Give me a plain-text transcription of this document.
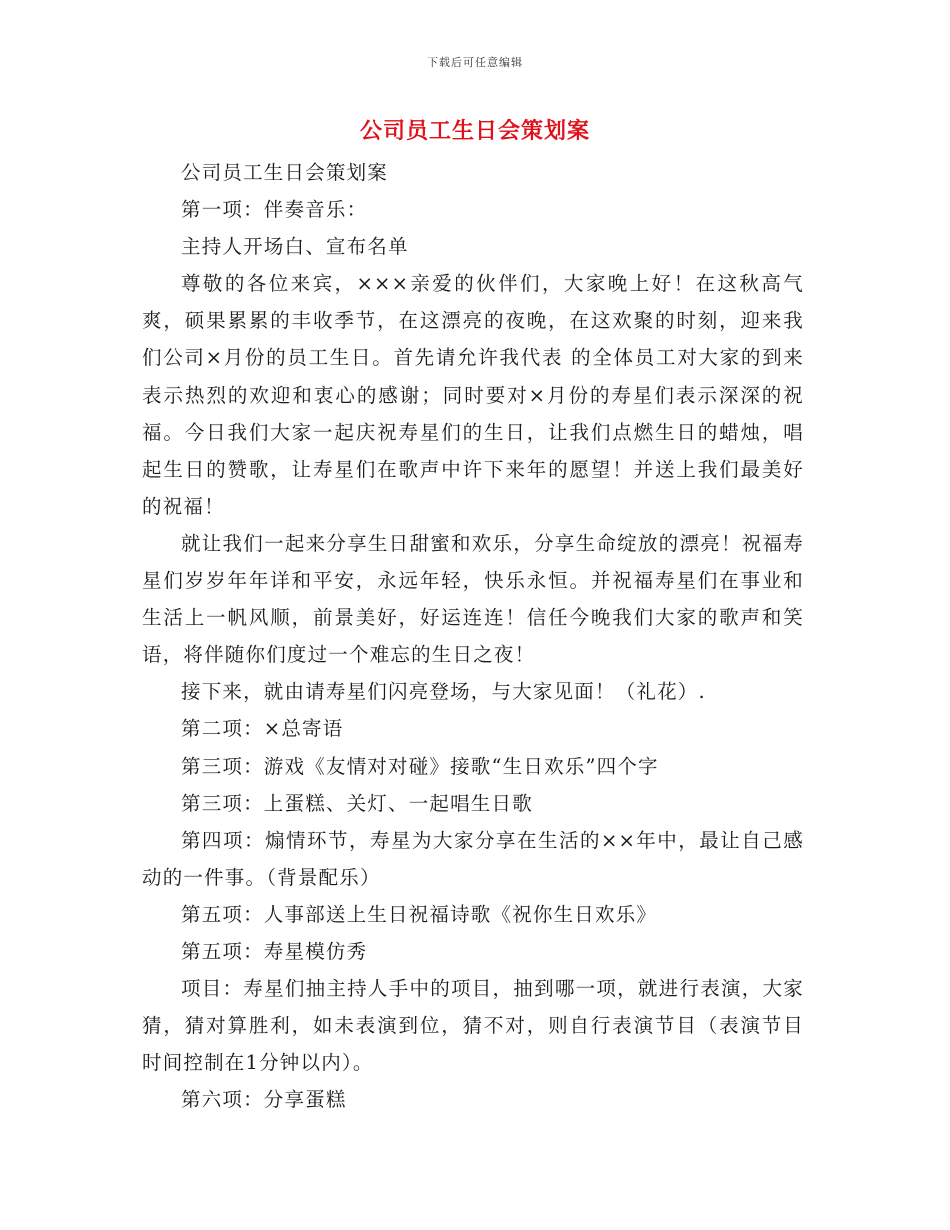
下载后可任意编辑
公司员工生日会策划案

公司员工生日会策划案

第一项：伴奏音乐：

主持人开场白、宣布名单

尊敬的各位来宾，×××亲爱的伙伴们，大家晚上好！在这秋高气爽，硕果累累的丰收季节，在这漂亮的夜晚，在这欢聚的时刻，迎来我们公司×月份的员工生日。首先请允许我代表 的全体员工对大家的到来表示热烈的欢迎和衷心的感谢；同时要对×月份的寿星们表示深深的祝福。今日我们大家一起庆祝寿星们的生日，让我们点燃生日的蜡烛，唱起生日的赞歌，让寿星们在歌声中许下来年的愿望！并送上我们最美好的祝福！

就让我们一起来分享生日甜蜜和欢乐，分享生命绽放的漂亮！祝福寿星们岁岁年年详和平安，永远年轻，快乐永恒。并祝福寿星们在事业和生活上一帆风顺，前景美好，好运连连！信任今晚我们大家的歌声和笑语，将伴随你们度过一个难忘的生日之夜！

接下来，就由请寿星们闪亮登场，与大家见面！（礼花）.

第二项：×总寄语

第三项：游戏《友情对对碰》接歌“生日欢乐”四个字

第三项：上蛋糕、关灯、一起唱生日歌

第四项：煽情环节，寿星为大家分享在生活的××年中，最让自己感动的一件事。（背景配乐）

第五项：人事部送上生日祝福诗歌《祝你生日欢乐》

第五项：寿星模仿秀

项目：寿星们抽主持人手中的项目，抽到哪一项，就进行表演，大家猜，猜对算胜利，如未表演到位，猜不对，则自行表演节目（表演节目时间控制在1分钟以内）。

第六项：分享蛋糕
